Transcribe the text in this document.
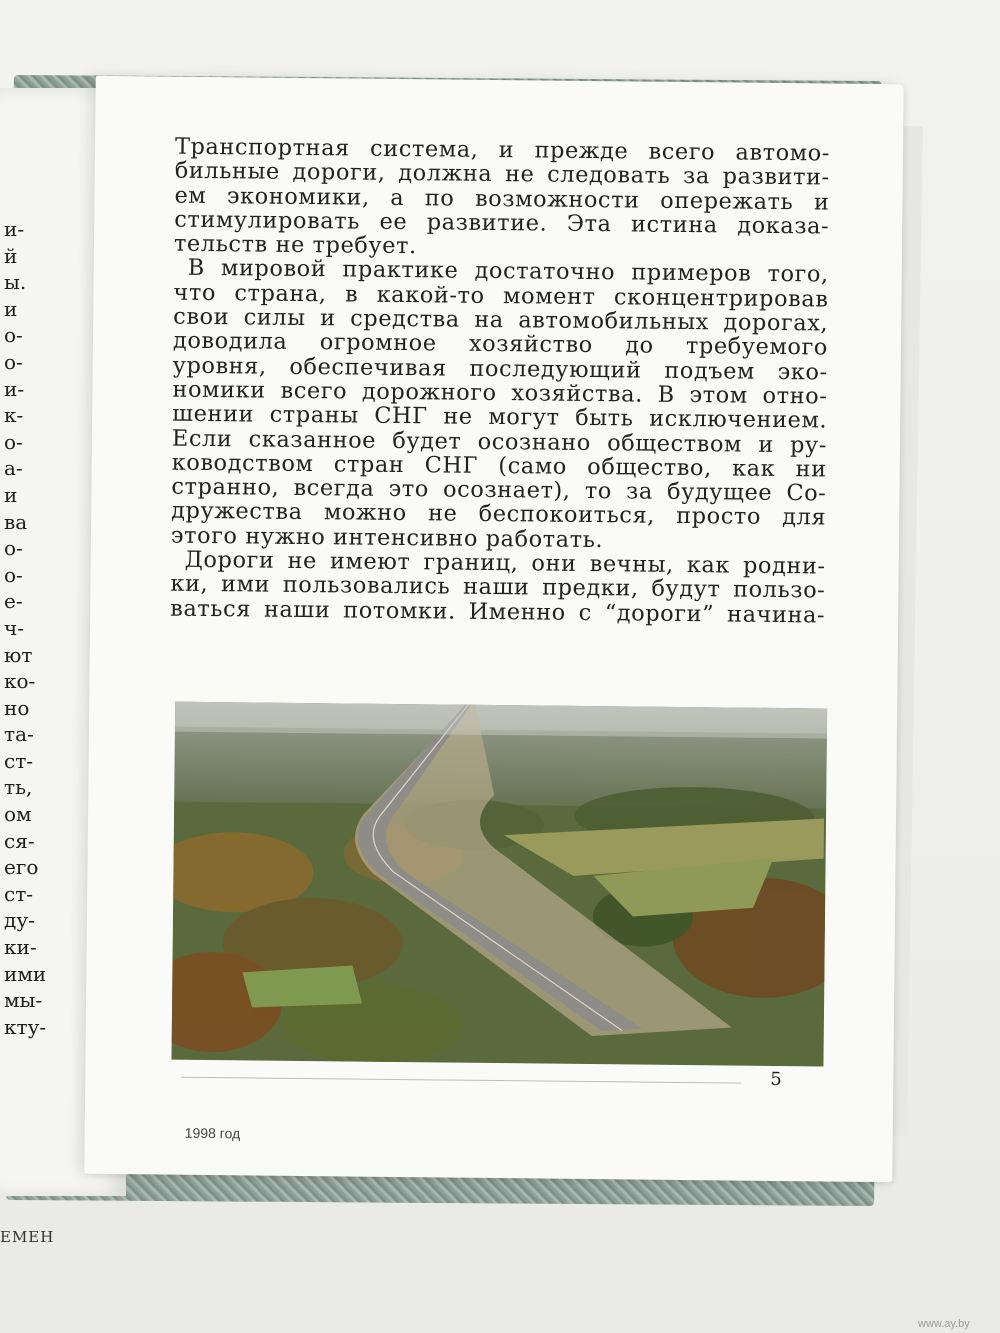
и-
й
ы.
и
о-
о-
и-
к-
о-
а-
и
ва
о-
о-
е-
ч-
ют
ко-
но
та-
ст-
ть,
ом
ся-
его
ст-
ду-
ки-
ими
мы-
кту-
ЕМЕН
Транспортная система, и прежде всего автомо-
бильные дороги, должна не следовать за развити-
ем экономики, а по возможности опережать и
стимулировать ее развитие. Эта истина доказа-
тельств не требует.
В мировой практике достаточно примеров того,
что страна, в какой-то момент сконцентрировав
свои силы и средства на автомобильных дорогах,
доводила огромное хозяйство до требуемого
уровня, обеспечивая последующий подъем эко-
номики всего дорожного хозяйства. В этом отно-
шении страны СНГ не могут быть исключением.
Если сказанное будет осознано обществом и ру-
ководством стран СНГ (само общество, как ни
странно, всегда это осознает), то за будущее Со-
дружества можно не беспокоиться, просто для
этого нужно интенсивно работать.
Дороги не имеют границ, они вечны, как родни-
ки, ими пользовались наши предки, будут пользо-
ваться наши потомки. Именно с “дороги” начина-
5
1998 год
www.ay.by
